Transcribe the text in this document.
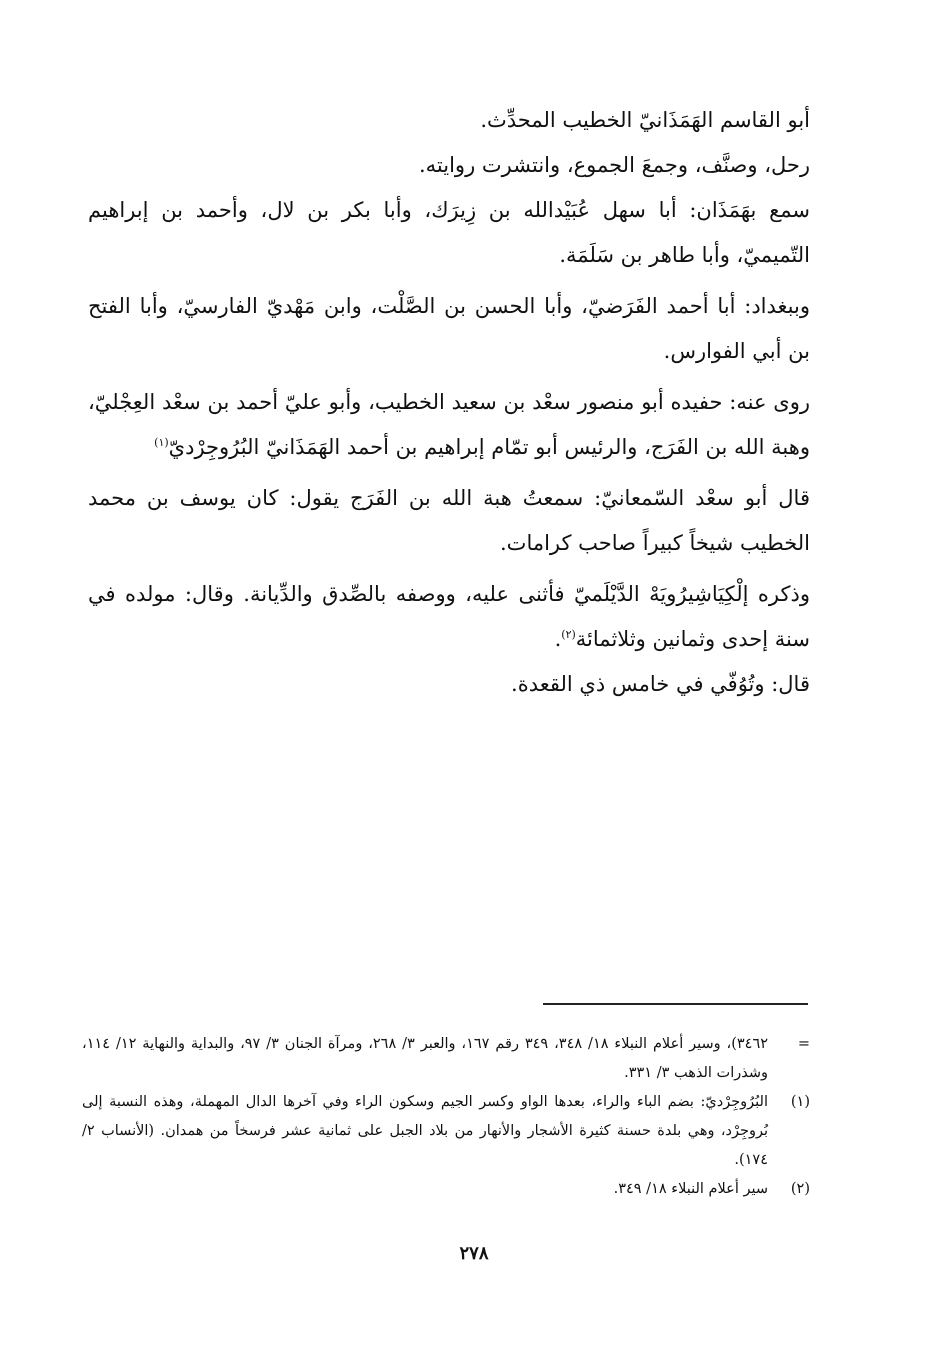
أبو القاسم الهَمَذَانيّ الخطيب المحدِّث.

رحل، وصنَّف، وجمعَ الجموع، وانتشرت روايته.

سمع بهَمَذَان: أبا سهل عُبَيْدالله بن زِيرَك، وأبا بكر بن لال، وأحمد بن إبراهيم التّميميّ، وأبا طاهر بن سَلَمَة.

وببغداد: أبا أحمد الفَرَضيّ، وأبا الحسن بن الصَّلْت، وابن مَهْديّ الفارسيّ، وأبا الفتح بن أبي الفوارس.

روى عنه: حفيده أبو منصور سعْد بن سعيد الخطيب، وأبو عليّ أحمد بن سعْد العِجْليّ، وهبة الله بن الفَرَج، والرئيس أبو تمّام إبراهيم بن أحمد الهَمَذَانيّ البُرُوجِرْديّ$^{(١)}$

قال أبو سعْد السّمعانيّ: سمعتُ هبة الله بن الفَرَج يقول: كان يوسف بن محمد الخطيب شيخاً كبيراً صاحب كرامات.

وذكره إلْكِيَاشِيرُويَهْ الدَّيْلَميّ فأثنى عليه، ووصفه بالصِّدق والدِّيانة. وقال: مولده في سنة إحدى وثمانين وثلاثمائة$^{(٢)}$.

قال: وتُوُفّي في خامس ذي القعدة.

=
٣٤٦٢)، وسير أعلام النبلاء ١٨/ ٣٤٨، ٣٤٩ رقم ١٦٧، والعبر ٣/ ٢٦٨، ومرآة الجنان ٣/ ٩٧، والبداية والنهاية ١٢/ ١١٤، وشذرات الذهب ٣/ ٣٣١.
(١)
البُرُوجِرْديّ: بضم الباء والراء، بعدها الواو وكسر الجيم وسكون الراء وفي آخرها الدال المهملة، وهذه النسبة إلى بُروجِرْد، وهي بلدة حسنة كثيرة الأشجار والأنهار من بلاد الجبل على ثمانية عشر فرسخاً من همدان. (الأنساب ٢/ ١٧٤).
(٢)
سير أعلام النبلاء ١٨/ ٣٤٩.
٢٧٨
